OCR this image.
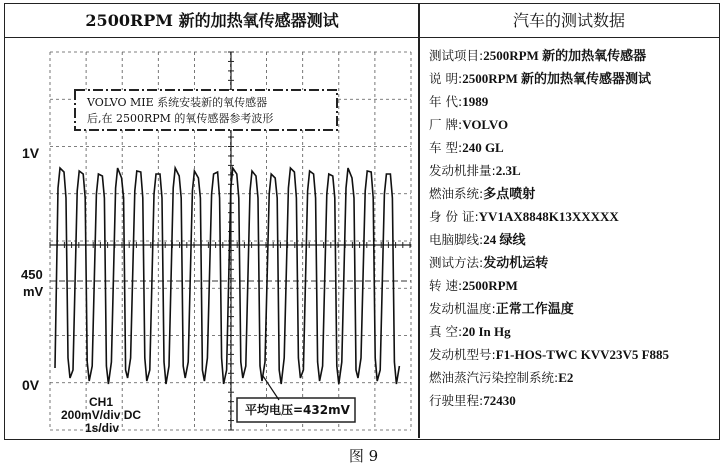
2500RPM 新的加热氧传感器测试	汽车的测试数据
VOLVO MIE 系统安装新的氧传感器
后,在 2500RPM 的氧传感器参考波形
平均电压=432mV
1V
450
mV
0V
CH1
200mV/div DC
1s/div
测试项目:2500RPM 新的加热氧传感器
说 明:2500RPM 新的加热氧传感器测试
年 代:1989
厂 牌:VOLVO
车 型:240 GL
发动机排量:2.3L
燃油系统:多点喷射
身 份 证:YV1AX8848K13XXXXX
电脑脚线:24 绿线
测试方法:发动机运转
转 速:2500RPM
发动机温度:正常工作温度
真 空:20 In Hg
发动机型号:F1-HOS-TWC KVV23V5 F885
燃油蒸汽污染控制系统:E2
行驶里程:72430
图 9
